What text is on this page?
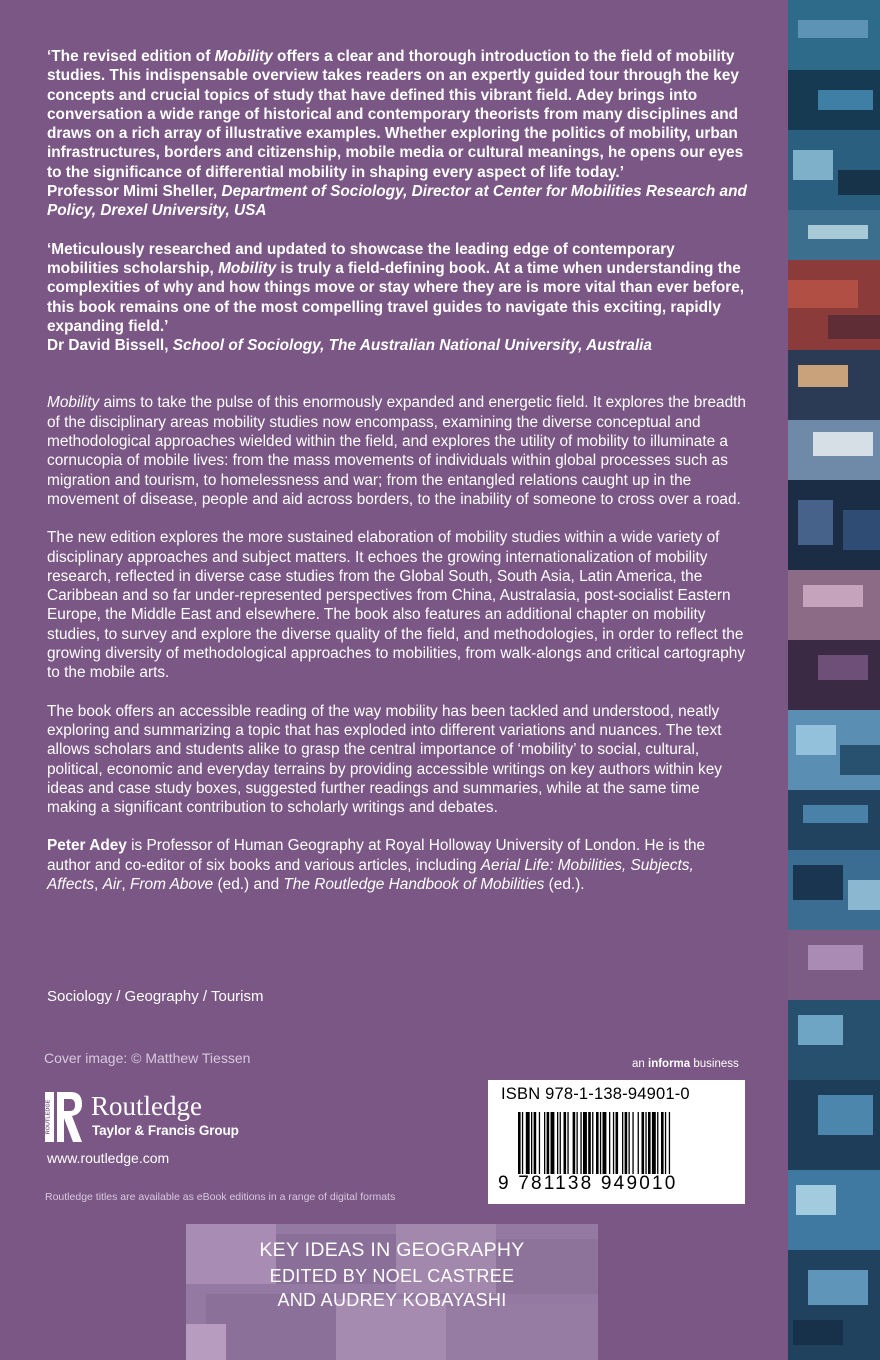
‘The revised edition of Mobility offers a clear and thorough introduction to the field of mobility studies. This indispensable overview takes readers on an expertly guided tour through the key concepts and crucial topics of study that have defined this vibrant field. Adey brings into conversation a wide range of historical and contemporary theorists from many disciplines and draws on a rich array of illustrative examples. Whether exploring the politics of mobility, urban infrastructures, borders and citizenship, mobile media or cultural meanings, he opens our eyes to the significance of differential mobility in shaping every aspect of life today.’

Professor Mimi Sheller, Department of Sociology, Director at Center for Mobilities Research and Policy, Drexel University, USA

‘Meticulously researched and updated to showcase the leading edge of contemporary mobilities scholarship, Mobility is truly a field-defining book. At a time when understanding the complexities of why and how things move or stay where they are is more vital than ever before, this book remains one of the most compelling travel guides to navigate this exciting, rapidly expanding field.’

Dr David Bissell, School of Sociology, The Australian National University, Australia

Mobility aims to take the pulse of this enormously expanded and energetic field. It explores the breadth of the disciplinary areas mobility studies now encompass, examining the diverse conceptual and methodological approaches wielded within the field, and explores the utility of mobility to illuminate a cornucopia of mobile lives: from the mass movements of individuals within global processes such as migration and tourism, to homelessness and war; from the entangled relations caught up in the movement of disease, people and aid across borders, to the inability of someone to cross over a road.

The new edition explores the more sustained elaboration of mobility studies within a wide variety of disciplinary approaches and subject matters. It echoes the growing internationalization of mobility research, reflected in diverse case studies from the Global South, South Asia, Latin America, the Caribbean and so far under-represented perspectives from China, Australasia, post-socialist Eastern Europe, the Middle East and elsewhere. The book also features an additional chapter on mobility studies, to survey and explore the diverse quality of the field, and methodologies, in order to reflect the growing diversity of methodological approaches to mobilities, from walk-alongs and critical cartography to the mobile arts.

The book offers an accessible reading of the way mobility has been tackled and understood, neatly exploring and summarizing a topic that has exploded into different variations and nuances. The text allows scholars and students alike to grasp the central importance of ‘mobility’ to social, cultural, political, economic and everyday terrains by providing accessible writings on key authors within key ideas and case study boxes, suggested further readings and summaries, while at the same time making a significant contribution to scholarly writings and debates.

Peter Adey is Professor of Human Geography at Royal Holloway University of London. He is the author and co-editor of six books and various articles, including Aerial Life: Mobilities, Subjects, Affects, Air, From Above (ed.) and The Routledge Handbook of Mobilities (ed.).

Sociology / Geography / Tourism
Cover image: © Matthew Tiessen
ROUTLEDGE Routledge
Taylor & Francis Group
www.routledge.com
Routledge titles are available as eBook editions in a range of digital formats
an informa business
ISBN 978-1-138-94901-0
9 781138 949010
KEY IDEAS IN GEOGRAPHY
EDITED BY NOEL CASTREE
AND AUDREY KOBAYASHI
